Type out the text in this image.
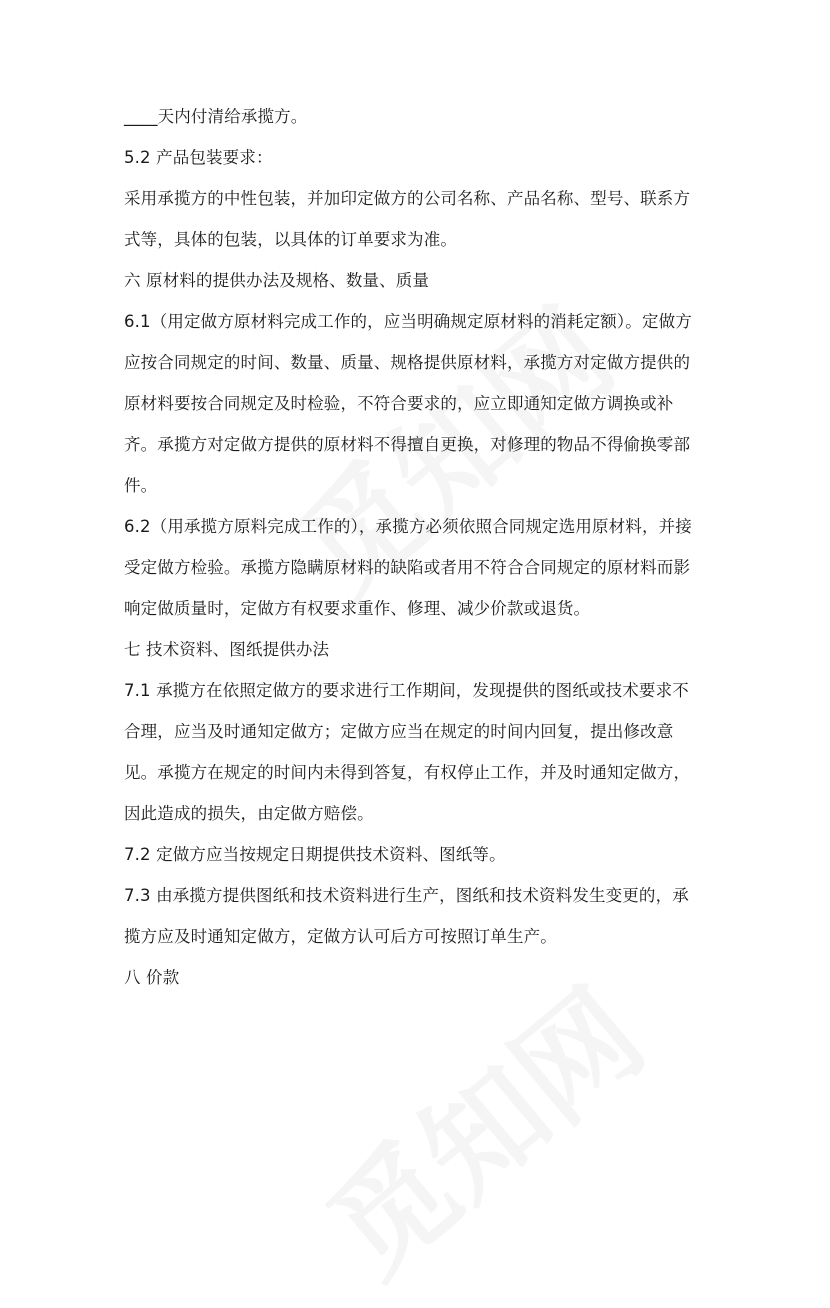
____天内付清给承揽方。

5.2 产品包装要求：

采用承揽方的中性包装，并加印定做方的公司名称、产品名称、型号、联系方

式等，具体的包装，以具体的订单要求为准。

六 原材料的提供办法及规格、数量、质量

6.1（用定做方原材料完成工作的，应当明确规定原材料的消耗定额）。定做方

应按合同规定的时间、数量、质量、规格提供原材料，承揽方对定做方提供的

原材料要按合同规定及时检验，不符合要求的，应立即通知定做方调换或补

齐。承揽方对定做方提供的原材料不得擅自更换，对修理的物品不得偷换零部

件。

6.2（用承揽方原料完成工作的），承揽方必须依照合同规定选用原材料，并接

受定做方检验。承揽方隐瞒原材料的缺陷或者用不符合合同规定的原材料而影

响定做质量时，定做方有权要求重作、修理、减少价款或退货。

七 技术资料、图纸提供办法

7.1 承揽方在依照定做方的要求进行工作期间，发现提供的图纸或技术要求不

合理，应当及时通知定做方；定做方应当在规定的时间内回复，提出修改意

见。承揽方在规定的时间内未得到答复，有权停止工作，并及时通知定做方，

因此造成的损失，由定做方赔偿。

7.2 定做方应当按规定日期提供技术资料、图纸等。

7.3 由承揽方提供图纸和技术资料进行生产，图纸和技术资料发生变更的，承

揽方应及时通知定做方，定做方认可后方可按照订单生产。

八 价款
